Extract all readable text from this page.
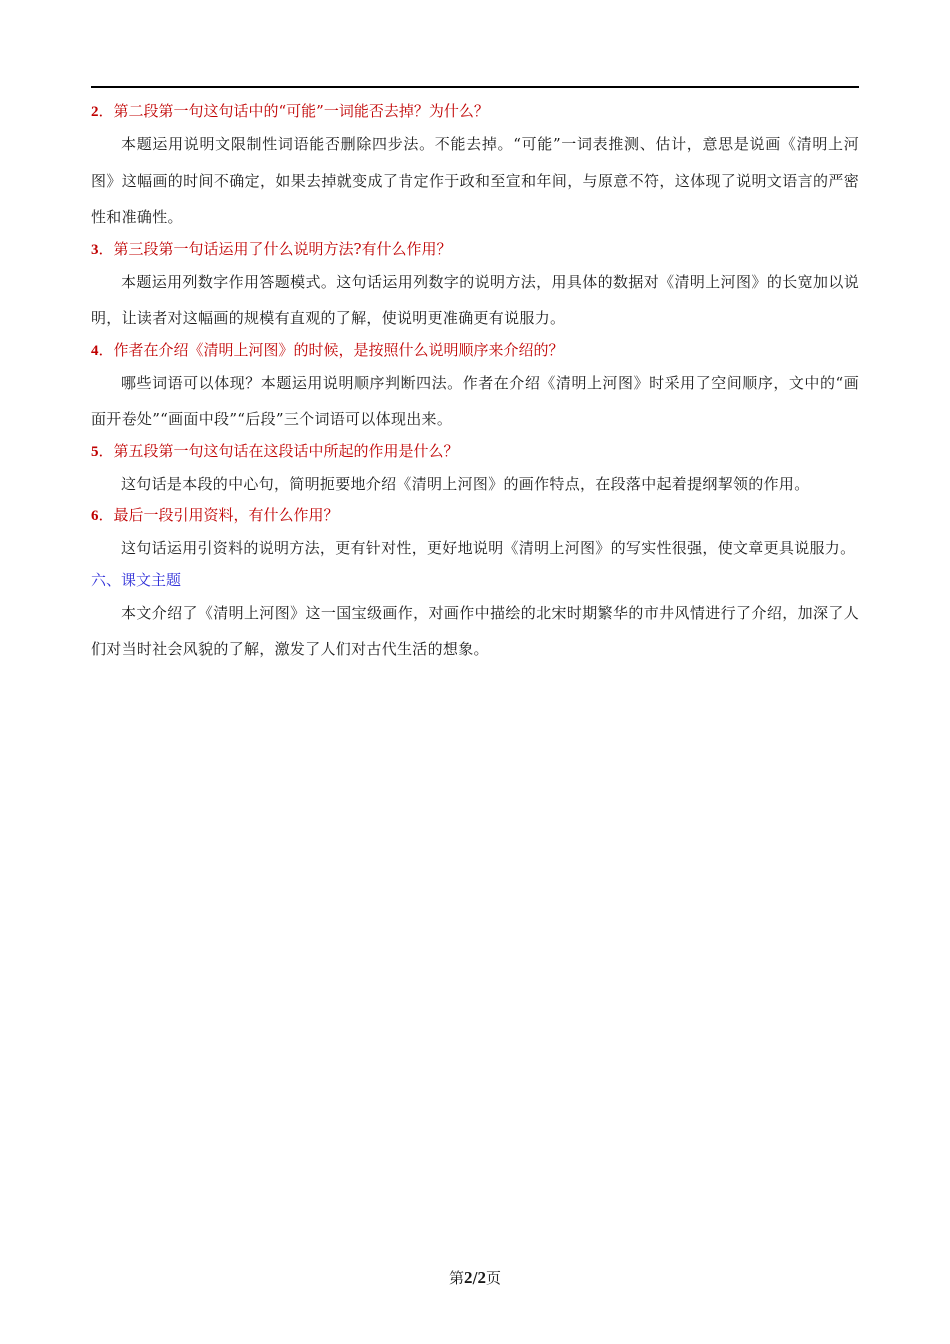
2．第二段第一句这句话中的“可能”一词能否去掉？为什么？

本题运用说明文限制性词语能否删除四步法。不能去掉。“可能”一词表推测、估计，意思是说画《清明上河图》这幅画的时间不确定，如果去掉就变成了肯定作于政和至宣和年间，与原意不符，这体现了说明文语言的严密性和准确性。

3．第三段第一句话运用了什么说明方法?有什么作用？

本题运用列数字作用答题模式。这句话运用列数字的说明方法，用具体的数据对《清明上河图》的长宽加以说明，让读者对这幅画的规模有直观的了解，使说明更准确更有说服力。

4．作者在介绍《清明上河图》的时候，是按照什么说明顺序来介绍的？

哪些词语可以体现？本题运用说明顺序判断四法。作者在介绍《清明上河图》时采用了空间顺序，文中的“画面开卷处”“画面中段”“后段”三个词语可以体现出来。

5．第五段第一句这句话在这段话中所起的作用是什么？

这句话是本段的中心句，简明扼要地介绍《清明上河图》的画作特点，在段落中起着提纲挈领的作用。

6．最后一段引用资料，有什么作用？

这句话运用引资料的说明方法，更有针对性，更好地说明《清明上河图》的写实性很强，使文章更具说服力。

六、课文主题

本文介绍了《清明上河图》这一国宝级画作，对画作中描绘的北宋时期繁华的市井风情进行了介绍，加深了人们对当时社会风貌的了解，激发了人们对古代生活的想象。

第2/2页
